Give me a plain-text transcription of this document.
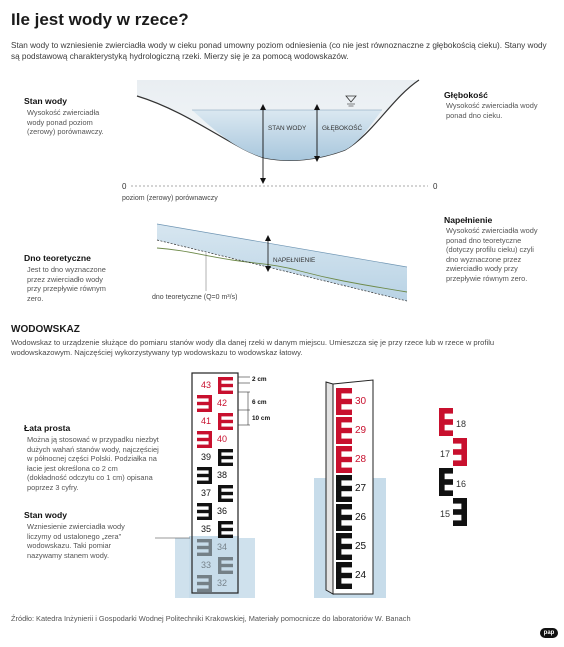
Ile jest wody w rzece?
Stan wody to wzniesienie zwierciadła wody w cieku ponad umowny poziom odniesienia (co nie jest równoznaczne z głębokością cieku). Stany wody są podstawową charakterystyką hydrologiczną rzeki. Mierzy się je za pomocą wodowskazów.
Stan wody
Wysokość zwierciadła wody ponad poziom (zerowy) porównawczy.
Głębokość
Wysokość zwierciadła wody ponad dno cieku.
Napełnienie
Wysokość zwierciadła wody ponad dno teoretyczne (dotyczy profilu cieku) czyli dno wyznaczone przez zwierciadło wody przy przepływie równym zero.
Dno teoretyczne
Jest to dno wyznaczone przez zwierciadło wody przy przepływie równym zero.
WODOWSKAZ
Wodowskaz to urządzenie służące do pomiaru stanów wody dla danej rzeki w danym miejscu. Umieszcza się je przy rzece lub w rzece w profilu wodowskazowym. Najczęściej wykorzystywany typ wodowskazu to wodowskaz łatowy.
Łata prosta
Można ją stosować w przypadku niezbyt dużych wahań stanów wody, najczęściej w północnej części Polski. Podziałka na łacie jest określona co 2 cm (dokładność odczytu co 1 cm) opisana poprzez 3 cyfry.
Stan wody
Wzniesienie zwierciadła wody liczymy od ustalonego „zera” wodowskazu. Taki pomiar nazywamy stanem wody.
STAN WODY GŁĘBOKOŚĆ
0	0
poziom (zerowy) porównawczy
NAPEŁNIENIE
dno teoretyczne (Q=0 m³/s)
43
42
41
40
39
38
37
36
35
34
33
32
2 cm
6 cm
10 cm
30
29
28
27
26
25
24
18
17
16
15
Źródło: Katedra Inżynierii i Gospodarki Wodnej Politechniki Krakowskiej, Materiały pomocnicze do laboratoriów W. Banach
pap
